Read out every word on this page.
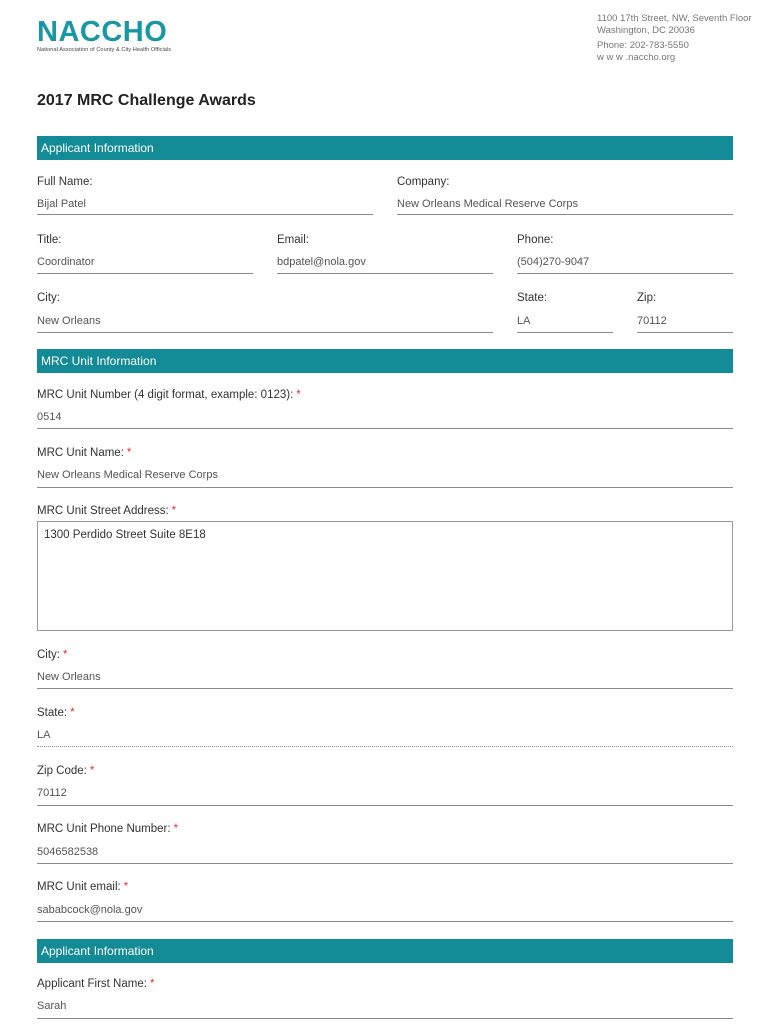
NACCHO
National Association of County & City Health Officials
1100 17th Street, NW, Seventh Floor
Washington, DC 20036
Phone: 202-783-5550
w w w .naccho.org
2017 MRC Challenge Awards
Applicant Information
Full Name:
Bijal Patel
Company:
New Orleans Medical Reserve Corps
Title:
Coordinator
Email:
bdpatel@nola.gov
Phone:
(504)270-9047
City:
New Orleans
State:
LA
Zip:
70112
MRC Unit Information
MRC Unit Number (4 digit format, example: 0123): *
0514
MRC Unit Name: *
New Orleans Medical Reserve Corps
MRC Unit Street Address: *
1300 Perdido Street Suite 8E18
City: *
New Orleans
State: *
LA
Zip Code: *
70112
MRC Unit Phone Number: *
5046582538
MRC Unit email: *
sababcock@nola.gov
Applicant Information
Applicant First Name: *
Sarah
